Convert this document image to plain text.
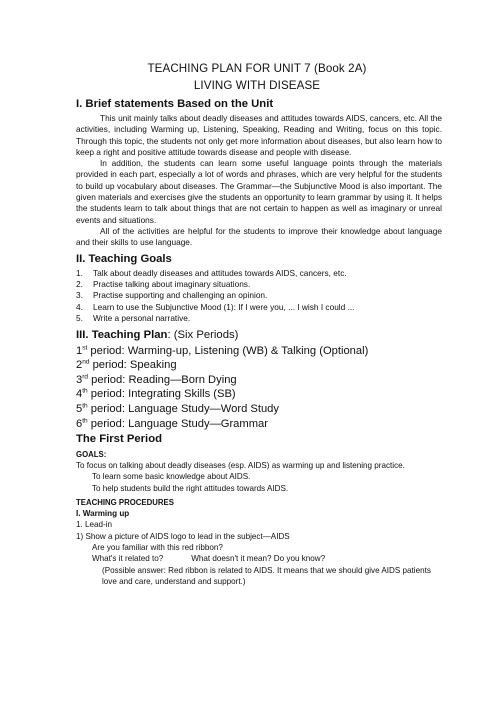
TEACHING PLAN FOR UNIT 7 (Book 2A)

LIVING WITH DISEASE

I. Brief statements Based on the Unit

This unit mainly talks about deadly diseases and attitudes towards AIDS, cancers, etc. All the activities, including Warming up, Listening, Speaking, Reading and Writing, focus on this topic. Through this topic, the students not only get more information about diseases, but also learn how to keep a right and positive attitude towards disease and people with disease.

In addition, the students can learn some useful language points through the materials provided in each part, especially a lot of words and phrases, which are very helpful for the students to build up vocabulary about diseases. The Grammar—the Subjunctive Mood is also important. The given materials and exercises give the students an opportunity to learn grammar by using it. It helps the students learn to talk about things that are not certain to happen as well as imaginary or unreal events and situations.

All of the activities are helpful for the students to improve their knowledge about language and their skills to use language.

II. Teaching Goals
1.	Talk about deadly diseases and attitudes towards AIDS, cancers, etc.
2.	Practise talking about imaginary situations.
3.	Practise supporting and challenging an opinion.
4.	Learn to use the Subjunctive Mood (1): If I were you, ... I wish I could ...
5.	Write a personal narrative.
III. Teaching Plan: (Six Periods)

1st period: Warming-up, Listening (WB) & Talking (Optional)

2nd period: Speaking

3rd period: Reading—Born Dying

4th period: Integrating Skills (SB)

5th period: Language Study—Word Study

6th period: Language Study—Grammar

The First Period
GOALS:

To focus on talking about deadly diseases (esp. AIDS) as warming up and listening practice.

To learn some basic knowledge about AIDS.

To help students build the right attitudes towards AIDS.

TEACHING PROCEDURES

I. Warming up

1. Lead-in

1) Show a picture of AIDS logo to lead in the subject—AIDS

Are you familiar with this red ribbon?

What's it related to?	What doesn't it mean? Do you know?

(Possible answer: Red ribbon is related to AIDS. It means that we should give AIDS patients love and care, understand and support.)
